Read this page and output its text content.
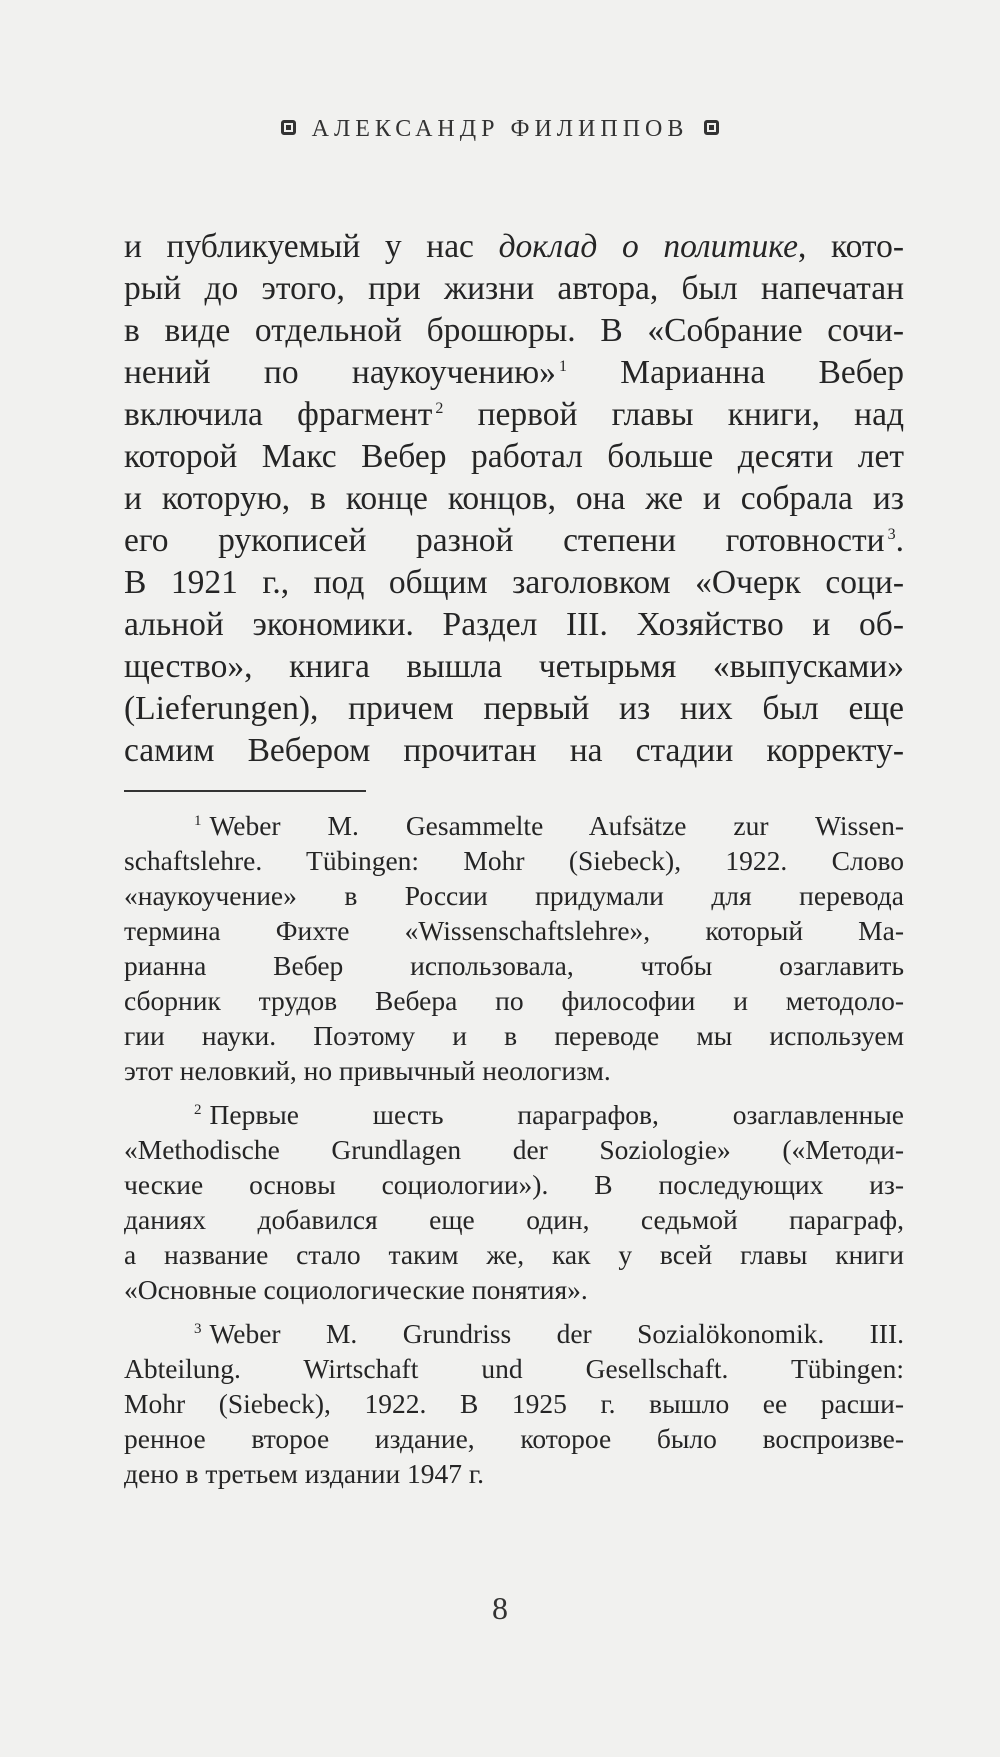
АЛЕКСАНДР ФИЛИППОВ
и публикуемый у нас доклад о политике, кото-
рый до этого, при жизни автора, был напечатан
в виде отдельной брошюры. В «Собрание сочи-
нений по наукоучению» $^1$ Марианна Вебер
включила фрагмент $^2$ первой главы книги, над
которой Макс Вебер работал больше десяти лет
и которую, в конце концов, она же и собрала из
его рукописей разной степени готовности $^3$.
В 1921 г., под общим заголовком «Очерк соци-
альной экономики. Раздел III. Хозяйство и об-
щество», книга вышла четырьмя «выпусками»
(Lieferungen), причем первый из них был еще
самим Вебером прочитан на стадии корректу-
$^1$ Weber M. Gesammelte Aufsätze zur Wissen-
schaftslehre. Tübingen: Mohr (Siebeck), 1922. Слово
«наукоучение» в России придумали для перевода
термина Фихте «Wissenschaftslehre», который Ма-
рианна Вебер использовала, чтобы озаглавить
сборник трудов Вебера по философии и методоло-
гии науки. Поэтому и в переводе мы используем
этот неловкий, но привычный неологизм.
$^2$ Первые шесть параграфов, озаглавленные
«Methodische Grundlagen der Soziologie» («Методи-
ческие основы социологии»). В последующих из-
даниях добавился еще один, седьмой параграф,
а название стало таким же, как у всей главы книги
«Основные социологические понятия».
$^3$ Weber M. Grundriss der Sozialökonomik. III.
Abteilung. Wirtschaft und Gesellschaft. Tübingen:
Mohr (Siebeck), 1922. В 1925 г. вышло ее расши-
ренное второе издание, которое было воспроизве-
дено в третьем издании 1947 г.
8
